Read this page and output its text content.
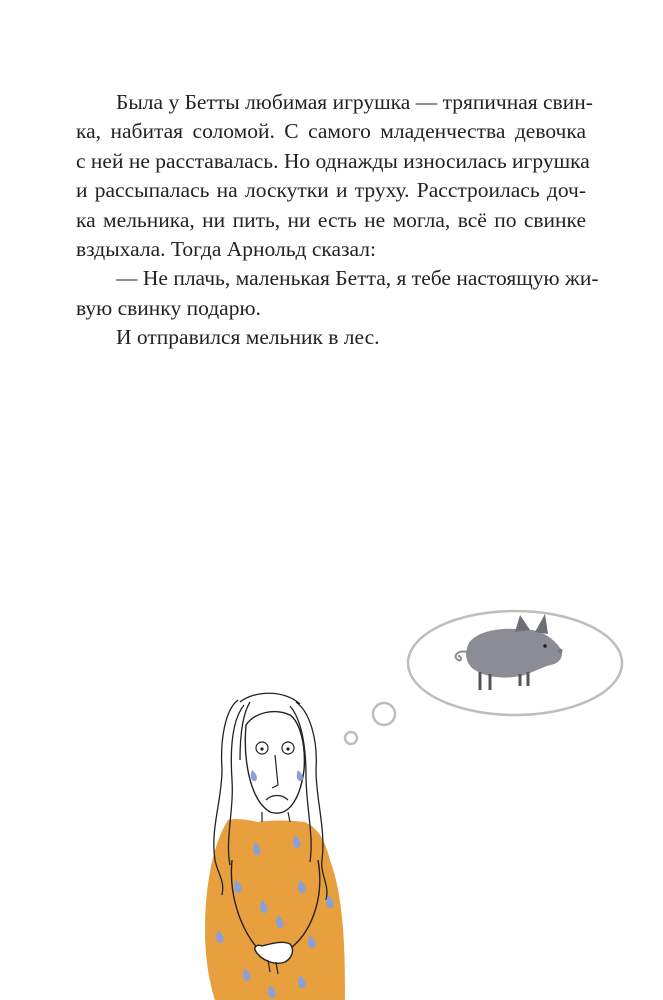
Была у Бетты любимая игрушка — тряпичная свин-
ка, набитая соломой. С самого младенчества девочка
с ней не расставалась. Но однажды износилась игрушка
и рассыпалась на лоскутки и труху. Расстроилась доч-
ка мельника, ни пить, ни есть не могла, всё по свинке
вздыхала. Тогда Арнольд сказал:
— Не плачь, маленькая Бетта, я тебе настоящую жи-
вую свинку подарю.
И отправился мельник в лес.
